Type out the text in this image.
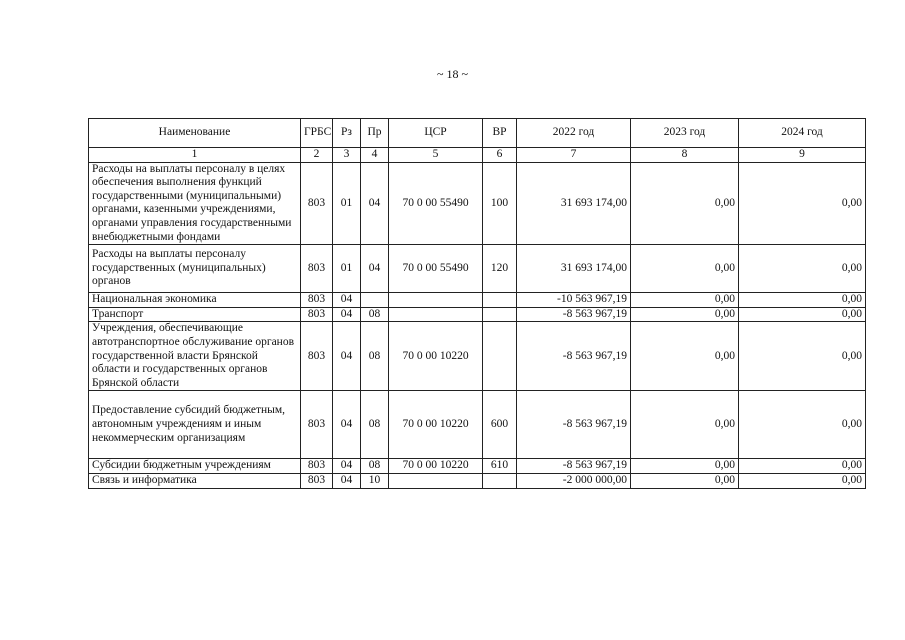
~ 18 ~
Наименование	ГРБС	Рз	Пр	ЦСР	ВР	2022 год	2023 год	2024 год
1	2	3	4	5	6	7	8	9
Расходы на выплаты персоналу в целях обеспечения выполнения функций государственными (муниципальными) органами, казенными учреждениями, органами управления государственными внебюджетными фондами	803	01	04	70 0 00 55490	100	31 693 174,00	0,00	0,00
Расходы на выплаты персоналу государственных (муниципальных) органов	803	01	04	70 0 00 55490	120	31 693 174,00	0,00	0,00
Национальная экономика	803	04				-10 563 967,19	0,00	0,00
Транспорт	803	04	08			-8 563 967,19	0,00	0,00
Учреждения, обеспечивающие автотранспортное обслуживание органов государственной власти Брянской области и государственных органов Брянской области	803	04	08	70 0 00 10220		-8 563 967,19	0,00	0,00
Предоставление субсидий бюджетным, автономным учреждениям и иным некоммерческим организациям	803	04	08	70 0 00 10220	600	-8 563 967,19	0,00	0,00
Субсидии бюджетным учреждениям	803	04	08	70 0 00 10220	610	-8 563 967,19	0,00	0,00
Связь и информатика	803	04	10			-2 000 000,00	0,00	0,00
